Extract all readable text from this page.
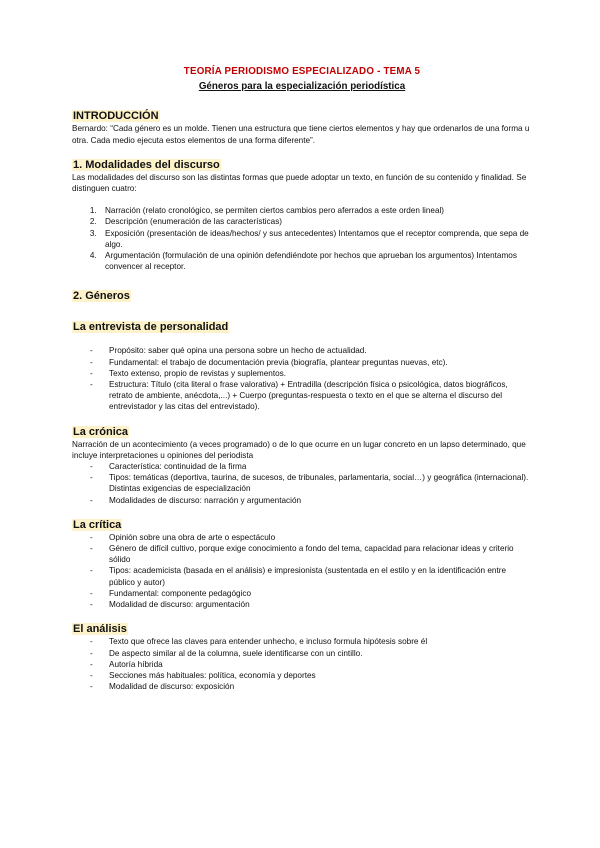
TEORÍA PERIODISMO ESPECIALIZADO - TEMA 5

Géneros para la especialización periodística

INTRODUCCIÓN

Bernardo: “Cada género es un molde. Tienen una estructura que tiene ciertos elementos y hay que ordenarlos de una forma u otra. Cada medio ejecuta estos elementos de una forma diferente”.

1. Modalidades del discurso

Las modalidades del discurso son las distintas formas que puede adoptar un texto, en función de su contenido y finalidad. Se distinguen cuatro:

1. Narración (relato cronológico, se permiten ciertos cambios pero aferrados a este orden lineal)
2. Descripción (enumeración de las características)
3. Exposición (presentación de ideas/hechos/ y sus antecedentes) Intentamos que el receptor comprenda, que sepa de algo.
4. Argumentación (formulación de una opinión defendiéndote por hechos que aprueban los argumentos) Intentamos convencer al receptor.
2. Géneros
La entrevista de personalidad
- Propósito: saber qué opina una persona sobre un hecho de actualidad.
- Fundamental: el trabajo de documentación previa (biografía, plantear preguntas nuevas, etc).
- Texto extenso, propio de revistas y suplementos.
- Estructura: Título (cita literal o frase valorativa) + Entradilla (descripción física o psicológica, datos biográficos, retrato de ambiente, anécdota,...) + Cuerpo (preguntas-respuesta o texto en el que se alterna el discurso del entrevistador y las citas del entrevistado).
La crónica

Narración de un acontecimiento (a veces programado) o de lo que ocurre en un lugar concreto en un lapso determinado, que incluye interpretaciones u opiniones del periodista

- Característica: continuidad de la firma
- Tipos: temáticas (deportiva, taurina, de sucesos, de tribunales, parlamentaria, social…) y geográfica (internacional). Distintas exigencias de especialización
- Modalidades de discurso: narración y argumentación
La crítica
- Opinión sobre una obra de arte o espectáculo
- Género de difícil cultivo, porque exige conocimiento a fondo del tema, capacidad para relacionar ideas y criterio sólido
- Tipos: academicista (basada en el análisis) e impresionista (sustentada en el estilo y en la identificación entre público y autor)
- Fundamental: componente pedagógico
- Modalidad de discurso: argumentación
El análisis
- Texto que ofrece las claves para entender unhecho, e incluso formula hipótesis sobre él
- De aspecto similar al de la columna, suele identificarse con un cintillo.
- Autoría híbrida
- Secciones más habituales: política, economía y deportes
- Modalidad de discurso: exposición
